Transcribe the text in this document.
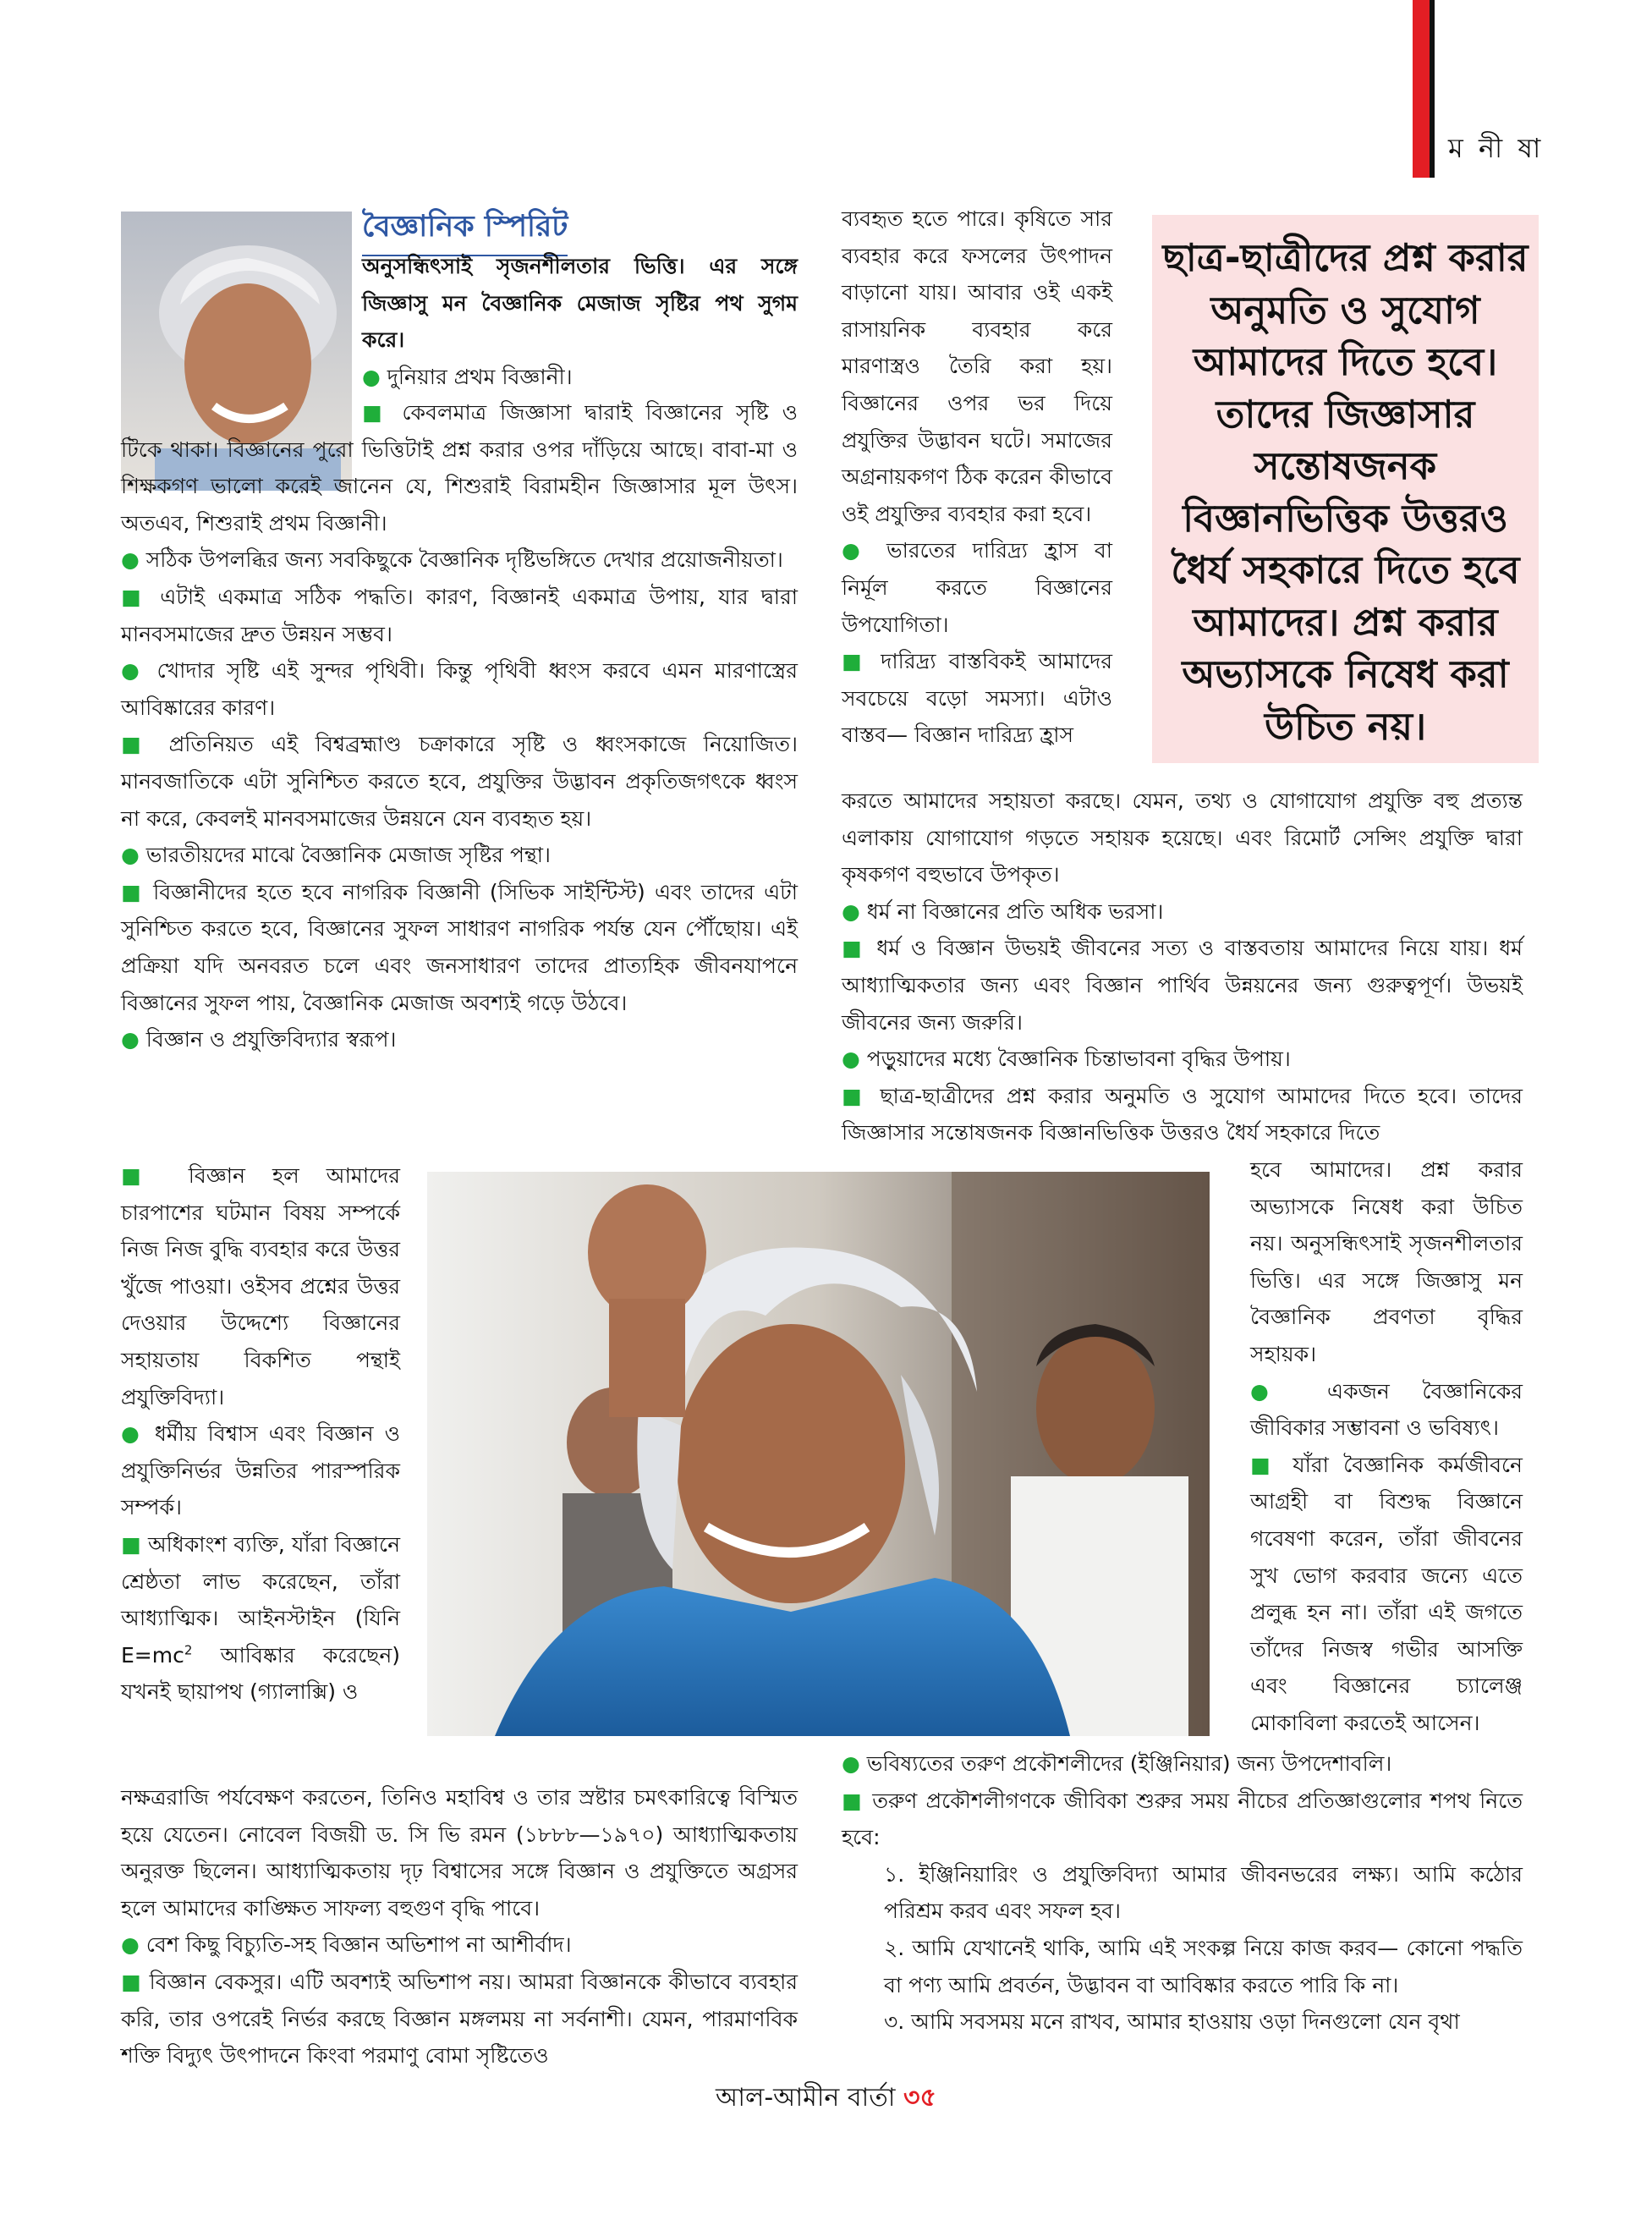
ম নী ষা
বৈজ্ঞানিক স্পিরিট

অনুসন্ধিৎসাই সৃজনশীলতার ভিত্তি। এর সঙ্গে জিজ্ঞাসু মন বৈজ্ঞানিক মেজাজ সৃষ্টির পথ সুগম করে।

● দুনিয়ার প্রথম বিজ্ঞানী।

■ কেবলমাত্র জিজ্ঞাসা দ্বারাই বিজ্ঞানের সৃষ্টি ও টিকে থাকা। বিজ্ঞানের পুরো ভিত্তিটাই প্রশ্ন করার ওপর দাঁড়িয়ে আছে। বাবা-মা ও শিক্ষকগণ ভালো করেই জানেন যে, শিশুরাই বিরামহীন জিজ্ঞাসার মূল উৎস। অতএব, শিশুরাই প্রথম বিজ্ঞানী।

● সঠিক উপলব্ধির জন্য সবকিছুকে বৈজ্ঞানিক দৃষ্টিভঙ্গিতে দেখার প্রয়োজনীয়তা।

■ এটাই একমাত্র সঠিক পদ্ধতি। কারণ, বিজ্ঞানই একমাত্র উপায়, যার দ্বারা মানবসমাজের দ্রুত উন্নয়ন সম্ভব।

● খোদার সৃষ্টি এই সুন্দর পৃথিবী। কিন্তু পৃথিবী ধ্বংস করবে এমন মারণাস্ত্রের আবিষ্কারের কারণ।

■ প্রতিনিয়ত এই বিশ্বব্রহ্মাণ্ড চক্রাকারে সৃষ্টি ও ধ্বংসকাজে নিয়োজিত। মানবজাতিকে এটা সুনিশ্চিত করতে হবে, প্রযুক্তির উদ্ভাবন প্রকৃতিজগৎকে ধ্বংস না করে, কেবলই মানবসমাজের উন্নয়নে যেন ব্যবহৃত হয়।

● ভারতীয়দের মাঝে বৈজ্ঞানিক মেজাজ সৃষ্টির পন্থা।

■ বিজ্ঞানীদের হতে হবে নাগরিক বিজ্ঞানী (সিভিক সাইন্টিস্ট) এবং তাদের এটা সুনিশ্চিত করতে হবে, বিজ্ঞানের সুফল সাধারণ নাগরিক পর্যন্ত যেন পৌঁছোয়। এই প্রক্রিয়া যদি অনবরত চলে এবং জনসাধারণ তাদের প্রাত্যহিক জীবনযাপনে বিজ্ঞানের সুফল পায়, বৈজ্ঞানিক মেজাজ অবশ্যই গড়ে উঠবে।

● বিজ্ঞান ও প্রযুক্তিবিদ্যার স্বরূপ।

■ বিজ্ঞান হল আমাদের চারপাশের ঘটমান বিষয় সম্পর্কে নিজ নিজ বুদ্ধি ব্যবহার করে উত্তর খুঁজে পাওয়া। ওইসব প্রশ্নের উত্তর দেওয়ার উদ্দেশ্যে বিজ্ঞানের সহায়তায় বিকশিত পন্থাই প্রযুক্তিবিদ্যা।

● ধর্মীয় বিশ্বাস এবং বিজ্ঞান ও প্রযুক্তিনির্ভর উন্নতির পারস্পরিক সম্পর্ক।

■ অধিকাংশ ব্যক্তি, যাঁরা বিজ্ঞানে শ্রেষ্ঠতা লাভ করেছেন, তাঁরা আধ্যাত্মিক। আইনস্টাইন (যিনি $E=mc^2$ আবিষ্কার করেছেন) যখনই ছায়াপথ (গ্যালাক্সি) ও

নক্ষত্ররাজি পর্যবেক্ষণ করতেন, তিনিও মহাবিশ্ব ও তার স্রষ্টার চমৎকারিত্বে বিস্মিত হয়ে যেতেন। নোবেল বিজয়ী ড. সি ভি রমন (১৮৮৮—১৯৭০) আধ্যাত্মিকতায় অনুরক্ত ছিলেন। আধ্যাত্মিকতায় দৃঢ় বিশ্বাসের সঙ্গে বিজ্ঞান ও প্রযুক্তিতে অগ্রসর হলে আমাদের কাঙ্ক্ষিত সাফল্য বহুগুণ বৃদ্ধি পাবে।

● বেশ কিছু বিচ্যুতি-সহ বিজ্ঞান অভিশাপ না আশীর্বাদ।

■ বিজ্ঞান বেকসুর। এটি অবশ্যই অভিশাপ নয়। আমরা বিজ্ঞানকে কীভাবে ব্যবহার করি, তার ওপরেই নির্ভর করছে বিজ্ঞান মঙ্গলময় না সর্বনাশী। যেমন, পারমাণবিক শক্তি বিদ্যুৎ উৎপাদনে কিংবা পরমাণু বোমা সৃষ্টিতেও

ব্যবহৃত হতে পারে। কৃষিতে সার ব্যবহার করে ফসলের উৎপাদন বাড়ানো যায়। আবার ওই একই রাসায়নিক ব্যবহার করে মারণাস্ত্রও তৈরি করা হয়। বিজ্ঞানের ওপর ভর দিয়ে প্রযুক্তির উদ্ভাবন ঘটে। সমাজের অগ্রনায়কগণ ঠিক করেন কীভাবে ওই প্রযুক্তির ব্যবহার করা হবে।

● ভারতের দারিদ্র্য হ্রাস বা নির্মূল করতে বিজ্ঞানের উপযোগিতা।

■ দারিদ্র্য বাস্তবিকই আমাদের সবচেয়ে বড়ো সমস্যা। এটাও বাস্তব— বিজ্ঞান দারিদ্র্য হ্রাস

ছাত্র-ছাত্রীদের প্রশ্ন করার অনুমতি ও সুযোগ আমাদের দিতে হবে। তাদের জিজ্ঞাসার সন্তোষজনক বিজ্ঞানভিত্তিক উত্তরও ধৈর্য সহকারে দিতে হবে আমাদের। প্রশ্ন করার অভ্যাসকে নিষেধ করা উচিত নয়।

করতে আমাদের সহায়তা করছে। যেমন, তথ্য ও যোগাযোগ প্রযুক্তি বহু প্রত্যন্ত এলাকায় যোগাযোগ গড়তে সহায়ক হয়েছে। এবং রিমোর্ট সেন্সিং প্রযুক্তি দ্বারা কৃষকগণ বহুভাবে উপকৃত।

● ধর্ম না বিজ্ঞানের প্রতি অধিক ভরসা।

■ ধর্ম ও বিজ্ঞান উভয়ই জীবনের সত্য ও বাস্তবতায় আমাদের নিয়ে যায়। ধর্ম আধ্যাত্মিকতার জন্য এবং বিজ্ঞান পার্থিব উন্নয়নের জন্য গুরুত্বপূর্ণ। উভয়ই জীবনের জন্য জরুরি।

● পড়ুয়াদের মধ্যে বৈজ্ঞানিক চিন্তাভাবনা বৃদ্ধির উপায়।

■ ছাত্র-ছাত্রীদের প্রশ্ন করার অনুমতি ও সুযোগ আমাদের দিতে হবে। তাদের জিজ্ঞাসার সন্তোষজনক বিজ্ঞানভিত্তিক উত্তরও ধৈর্য সহকারে দিতে

হবে আমাদের। প্রশ্ন করার অভ্যাসকে নিষেধ করা উচিত নয়। অনুসন্ধিৎসাই সৃজনশীলতার ভিত্তি। এর সঙ্গে জিজ্ঞাসু মন বৈজ্ঞানিক প্রবণতা বৃদ্ধির সহায়ক।

● একজন বৈজ্ঞানিকের জীবিকার সম্ভাবনা ও ভবিষ্যৎ।

■ যাঁরা বৈজ্ঞানিক কর্মজীবনে আগ্রহী বা বিশুদ্ধ বিজ্ঞানে গবেষণা করেন, তাঁরা জীবনের সুখ ভোগ করবার জন্যে এতে প্রলুব্ধ হন না। তাঁরা এই জগতে তাঁদের নিজস্ব গভীর আসক্তি এবং বিজ্ঞানের চ্যালেঞ্জ মোকাবিলা করতেই আসেন।

● ভবিষ্যতের তরুণ প্রকৌশলীদের (ইঞ্জিনিয়ার) জন্য উপদেশাবলি।

■ তরুণ প্রকৌশলীগণকে জীবিকা শুরুর সময় নীচের প্রতিজ্ঞাগুলোর শপথ নিতে হবে:

১. ইঞ্জিনিয়ারিং ও প্রযুক্তিবিদ্যা আমার জীবনভরের লক্ষ্য। আমি কঠোর পরিশ্রম করব এবং সফল হব।

২. আমি যেখানেই থাকি, আমি এই সংকল্প নিয়ে কাজ করব— কোনো পদ্ধতি বা পণ্য আমি প্রবর্তন, উদ্ভাবন বা আবিষ্কার করতে পারি কি না।

৩. আমি সবসময় মনে রাখব, আমার হাওয়ায় ওড়া দিনগুলো যেন বৃথা

আল-আমীন বার্তা ৩৫
